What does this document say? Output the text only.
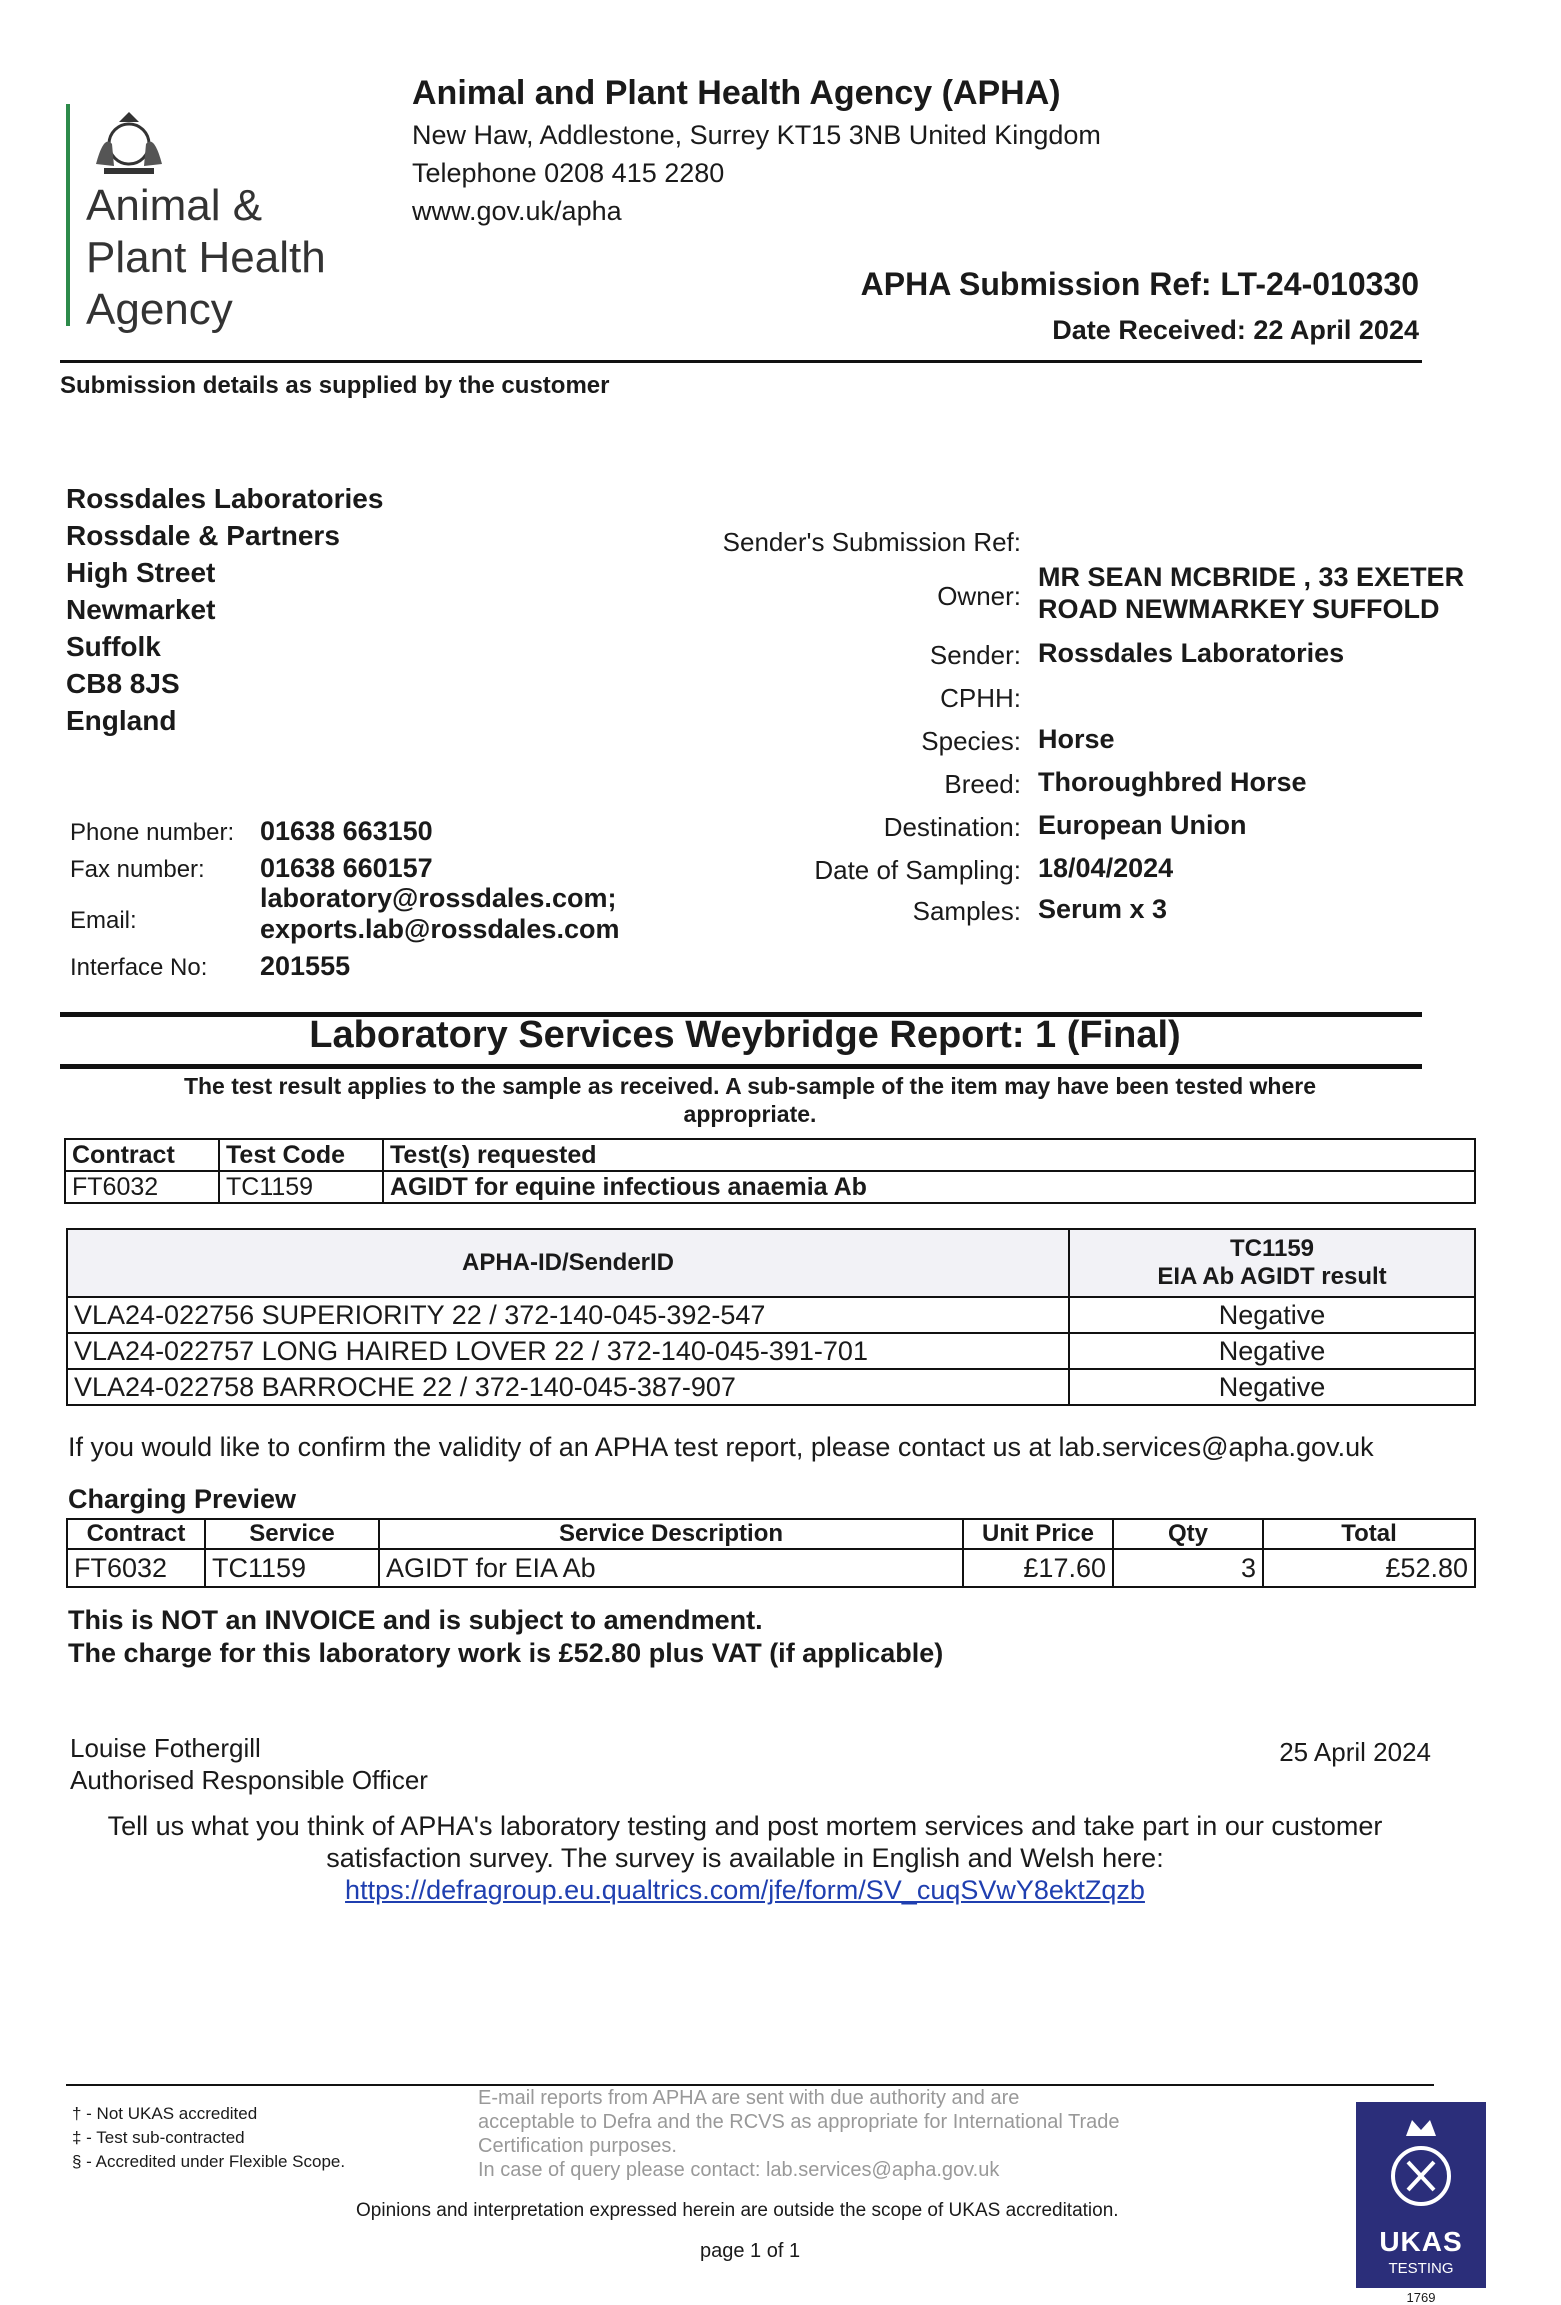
Animal &
Plant Health
Agency
Animal and Plant Health Agency (APHA)
New Haw, Addlestone, Surrey KT15 3NB United Kingdom
Telephone 0208 415 2280
www.gov.uk/apha
APHA Submission Ref: LT-24-010330
Date Received: 22 April 2024
Submission details as supplied by the customer
Rossdales Laboratories
Rossdale & Partners
High Street
Newmarket
Suffolk
CB8 8JS
England
Phone number: 01638 663150
Fax number: 01638 660157
Email:
laboratory@rossdales.com;
exports.lab@rossdales.com
Interface No: 201555
Sender's Submission Ref:
Owner:
MR SEAN MCBRIDE , 33 EXETER
ROAD NEWMARKEY SUFFOLD
Sender: Rossdales Laboratories
CPHH:
Species: Horse
Breed: Thoroughbred Horse
Destination: European Union
Date of Sampling: 18/04/2024
Samples: Serum x 3
Laboratory Services Weybridge Report: 1 (Final)
The test result applies to the sample as received. A sub-sample of the item may have been tested where appropriate.
Contract	Test Code	Test(s) requested
FT6032	TC1159	AGIDT for equine infectious anaemia Ab
APHA-ID/SenderID	TC1159
EIA Ab AGIDT result

VLA24-022756 SUPERIORITY 22 / 372-140-045-392-547	Negative
VLA24-022757 LONG HAIRED LOVER 22 / 372-140-045-391-701	Negative
VLA24-022758 BARROCHE 22 / 372-140-045-387-907	Negative
If you would like to confirm the validity of an APHA test report, please contact us at lab.services@apha.gov.uk
Charging Preview
Contract	Service	Service Description	Unit Price	Qty	Total
FT6032	TC1159	AGIDT for EIA Ab	£17.60	3	£52.80
This is NOT an INVOICE and is subject to amendment.
The charge for this laboratory work is £52.80 plus VAT (if applicable)
Louise Fothergill
Authorised Responsible Officer
25 April 2024
Tell us what you think of APHA's laboratory testing and post mortem services and take part in our customer satisfaction survey. The survey is available in English and Welsh here:
https://defragroup.eu.qualtrics.com/jfe/form/SV_cuqSVwY8ektZqzb
† - Not UKAS accredited
‡ - Test sub-contracted
§ - Accredited under Flexible Scope.
E-mail reports from APHA are sent with due authority and are
acceptable to Defra and the RCVS as appropriate for International Trade
Certification purposes.
In case of query please contact: lab.services@apha.gov.uk
Opinions and interpretation expressed herein are outside the scope of UKAS accreditation.
page 1 of 1	UKAS
TESTING
1769
